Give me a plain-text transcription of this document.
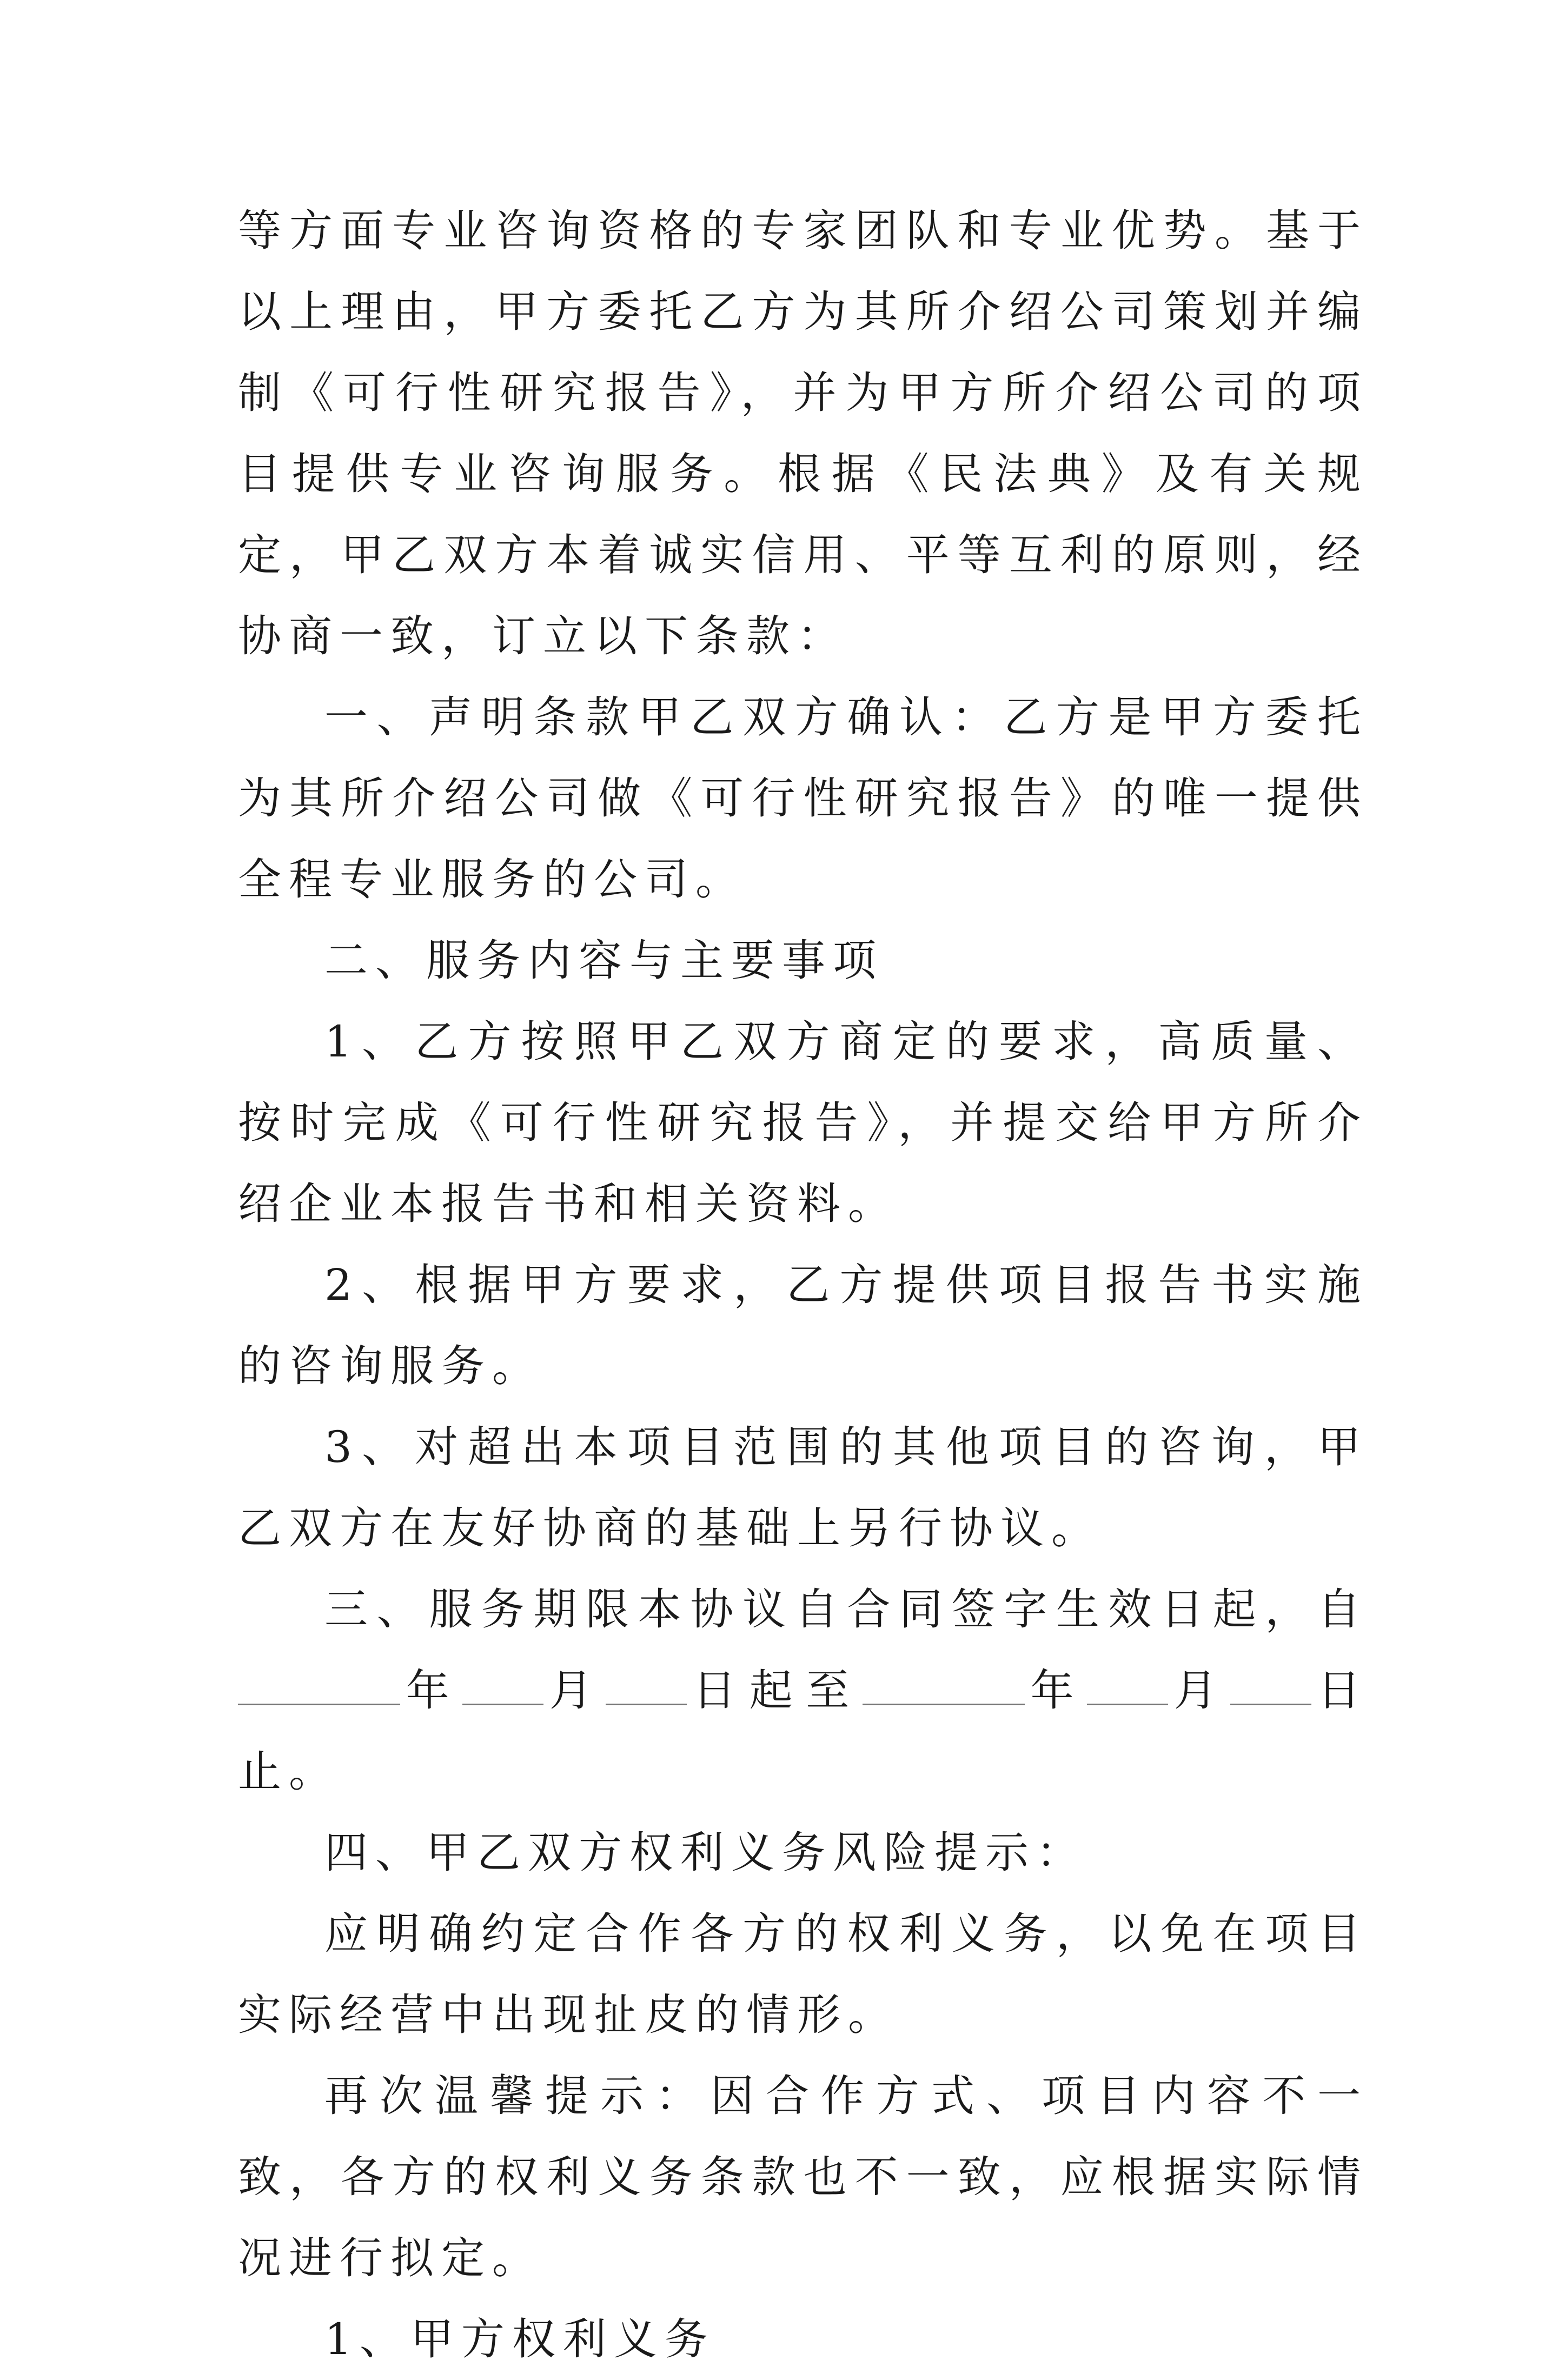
等方面专业咨询资格的专家团队和专业优势。基于以上理由，甲方委托乙方为其所介绍公司策划并编制《可行性研究报告》，并为甲方所介绍公司的项目提供专业咨询服务。根据《民法典》及有关规定，甲乙双方本着诚实信用、平等互利的原则，经协商一致，订立以下条款：

一、声明条款甲乙双方确认：乙方是甲方委托为其所介绍公司做《可行性研究报告》的唯一提供全程专业服务的公司。

二、服务内容与主要事项

1、乙方按照甲乙双方商定的要求，高质量、按时完成《可行性研究报告》，并提交给甲方所介绍企业本报告书和相关资料。

2、根据甲方要求，乙方提供项目报告书实施的咨询服务。

3、对超出本项目范围的其他项目的咨询，甲乙双方在友好协商的基础上另行协议。

三、服务期限本协议自合同签字生效日起，自年 月 日起至	年 月 日止。

四、甲乙双方权利义务风险提示：

应明确约定合作各方的权利义务，以免在项目实际经营中出现扯皮的情形。

再次温馨提示：因合作方式、项目内容不一致，各方的权利义务条款也不一致，应根据实际情况进行拟定。

1、甲方权利义务
